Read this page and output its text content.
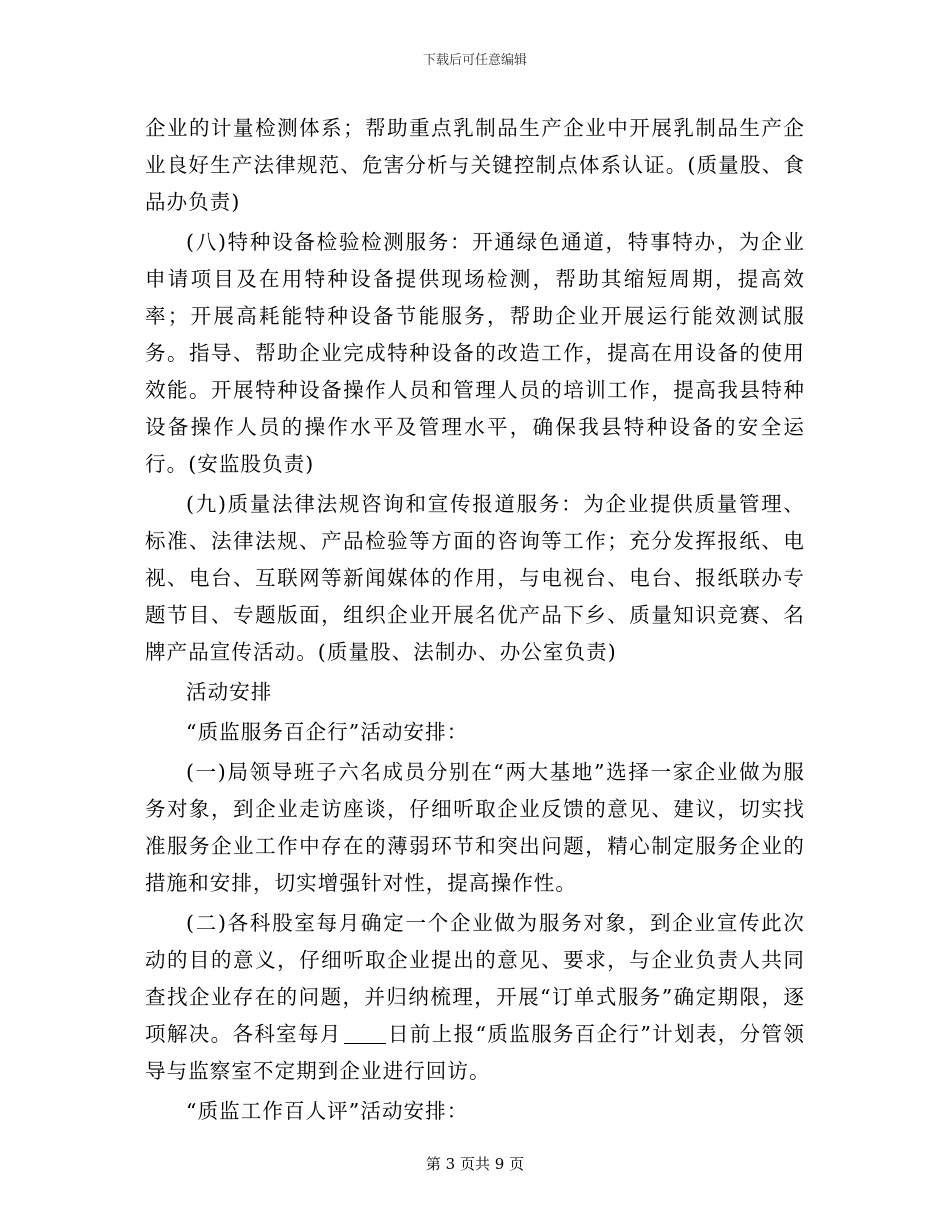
下载后可任意编辑

企业的计量检测体系；帮助重点乳制品生产企业中开展乳制品生产企业良好生产法律规范、危害分析与关键控制点体系认证。(质量股、食品办负责)

(八)特种设备检验检测服务：开通绿色通道，特事特办，为企业申请项目及在用特种设备提供现场检测，帮助其缩短周期，提高效率；开展高耗能特种设备节能服务，帮助企业开展运行能效测试服务。指导、帮助企业完成特种设备的改造工作，提高在用设备的使用效能。开展特种设备操作人员和管理人员的培训工作，提高我县特种设备操作人员的操作水平及管理水平，确保我县特种设备的安全运行。(安监股负责)

(九)质量法律法规咨询和宣传报道服务：为企业提供质量管理、标准、法律法规、产品检验等方面的咨询等工作；充分发挥报纸、电视、电台、互联网等新闻媒体的作用，与电视台、电台、报纸联办专题节目、专题版面，组织企业开展名优产品下乡、质量知识竞赛、名牌产品宣传活动。(质量股、法制办、办公室负责)

活动安排

“质监服务百企行”活动安排：

(一)局领导班子六名成员分别在“两大基地”选择一家企业做为服务对象，到企业走访座谈，仔细听取企业反馈的意见、建议，切实找准服务企业工作中存在的薄弱环节和突出问题，精心制定服务企业的措施和安排，切实增强针对性，提高操作性。

(二)各科股室每月确定一个企业做为服务对象，到企业宣传此次动的目的意义，仔细听取企业提出的意见、要求，与企业负责人共同查找企业存在的问题，并归纳梳理，开展“订单式服务”确定期限，逐项解决。各科室每月 日前上报“质监服务百企行”计划表，分管领导与监察室不定期到企业进行回访。

“质监工作百人评”活动安排：

第 3 页共 9 页
